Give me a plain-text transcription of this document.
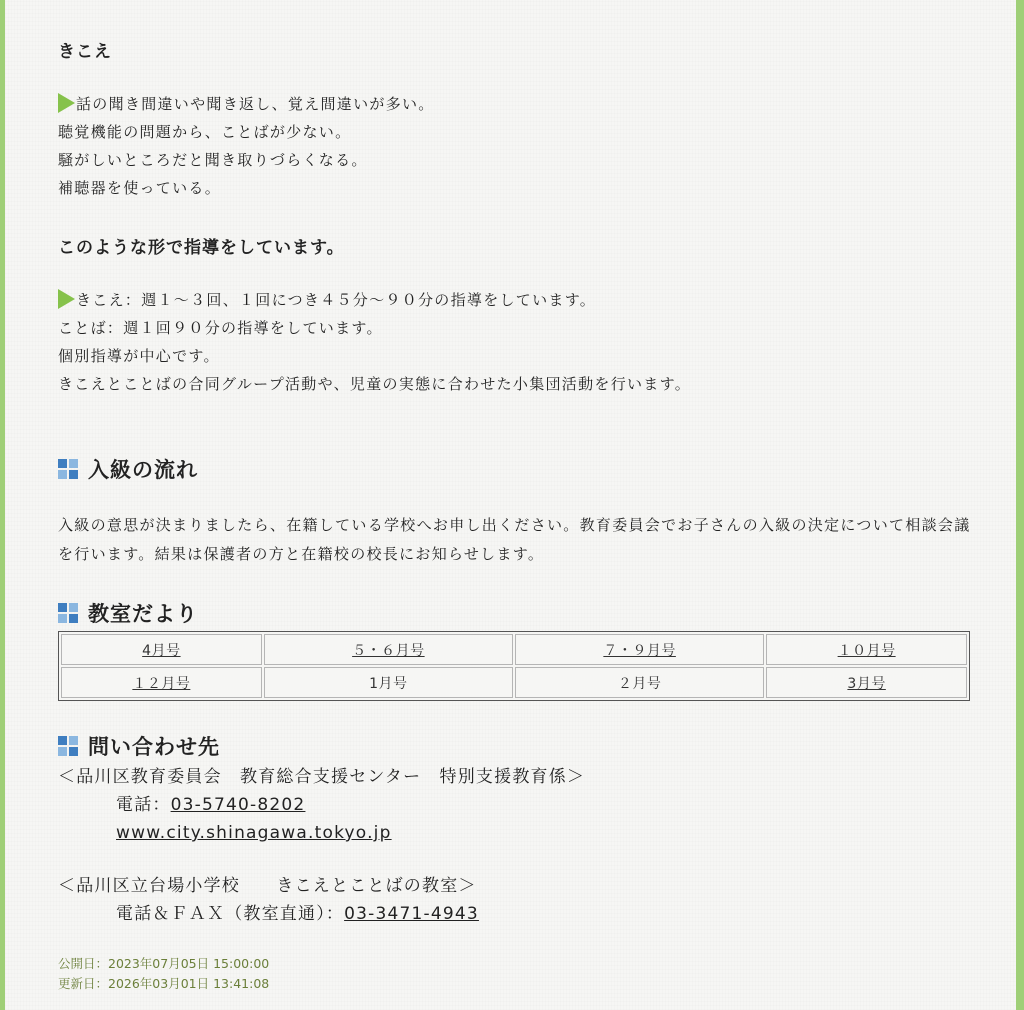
きこえ
話の聞き間違いや聞き返し、覚え間違いが多い。
聴覚機能の問題から、ことばが少ない。
騒がしいところだと聞き取りづらくなる。
補聴器を使っている。
このような形で指導をしています。
きこえ：週１～３回、１回につき４５分～９０分の指導をしています。
ことば：週１回９０分の指導をしています。
個別指導が中心です。
きこえとことばの合同グループ活動や、児童の実態に合わせた小集団活動を行います。
入級の流れ

入級の意思が決まりましたら、在籍している学校へお申し出ください。教育委員会でお子さんの入級の決定について相談会議を行います。結果は保護者の方と在籍校の校長にお知らせします。

教室だより
4月号	５・６月号	７・９月号	１０月号
１２月号	1月号	２月号	3月号
問い合わせ先
＜品川区教育委員会　教育総合支援センター　特別支援教育係＞
電話：03-5740-8202
www.city.shinagawa.tokyo.jp
＜品川区立台場小学校　　きこえとことばの教室＞
電話＆ＦＡＸ（教室直通）：03-3471-4943
公開日：2023年07月05日 15:00:00
更新日：2026年03月01日 13:41:08
